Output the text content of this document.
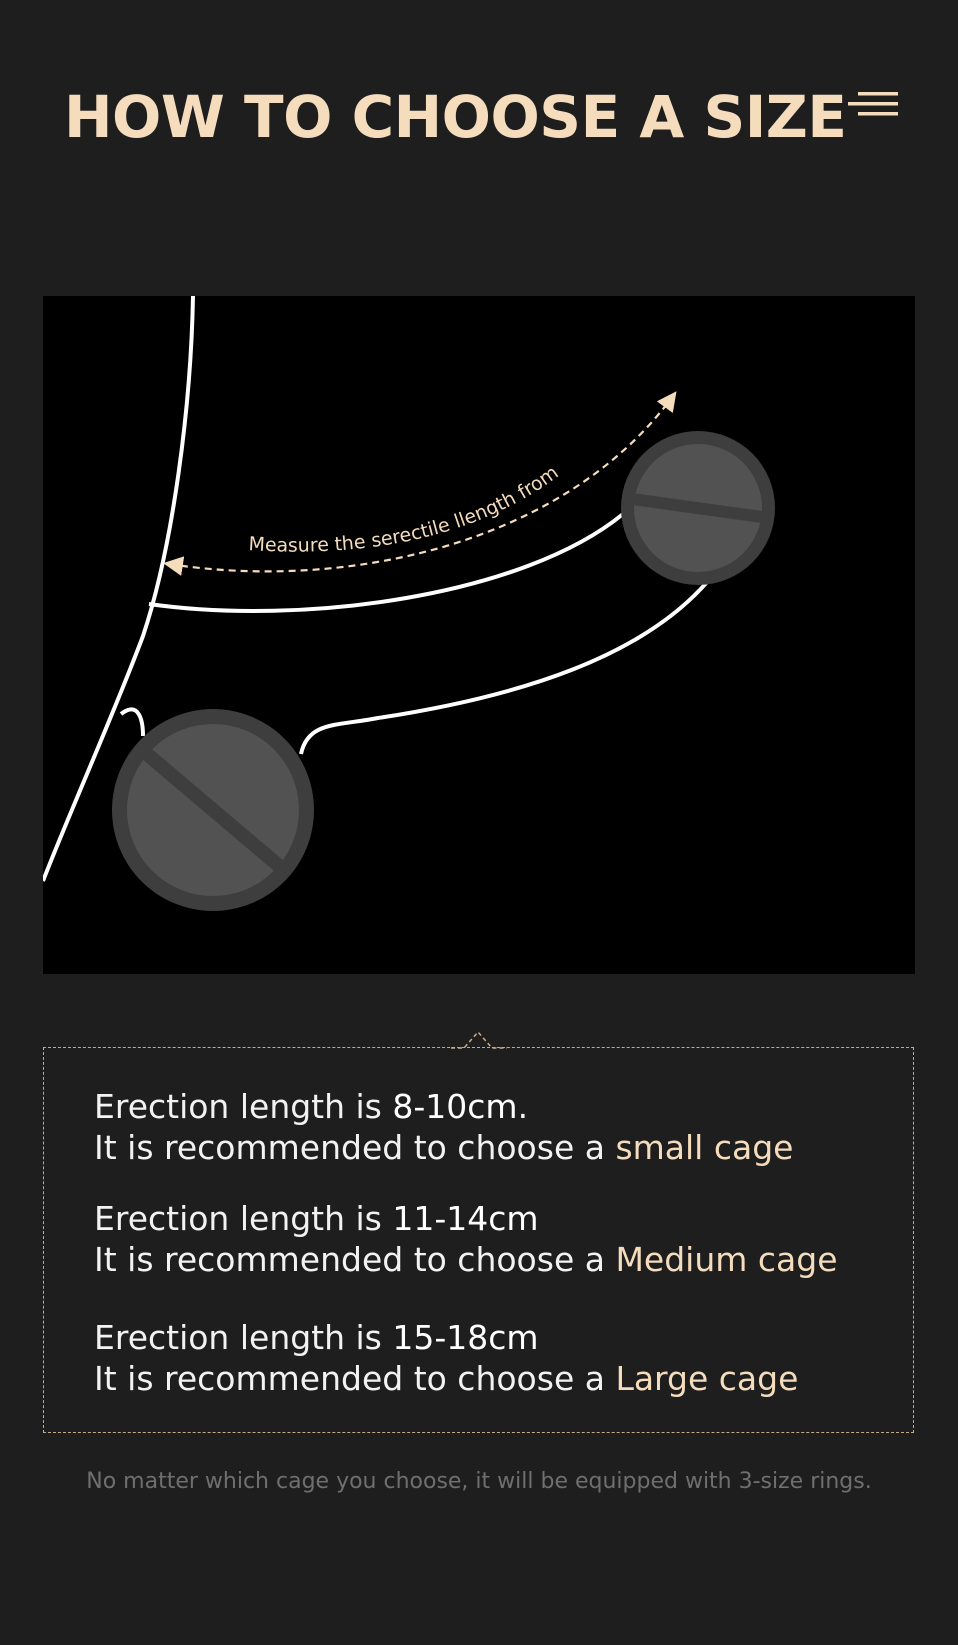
HOW TO CHOOSE A SIZE
Measure the serectile llength from
Erection length is 8-10cm.
It is recommended to choose a small cage
Erection length is 11-14cm
It is recommended to choose a Medium cage
Erection length is 15-18cm
It is recommended to choose a Large cage
No matter which cage you choose, it will be equipped with 3-size rings.
